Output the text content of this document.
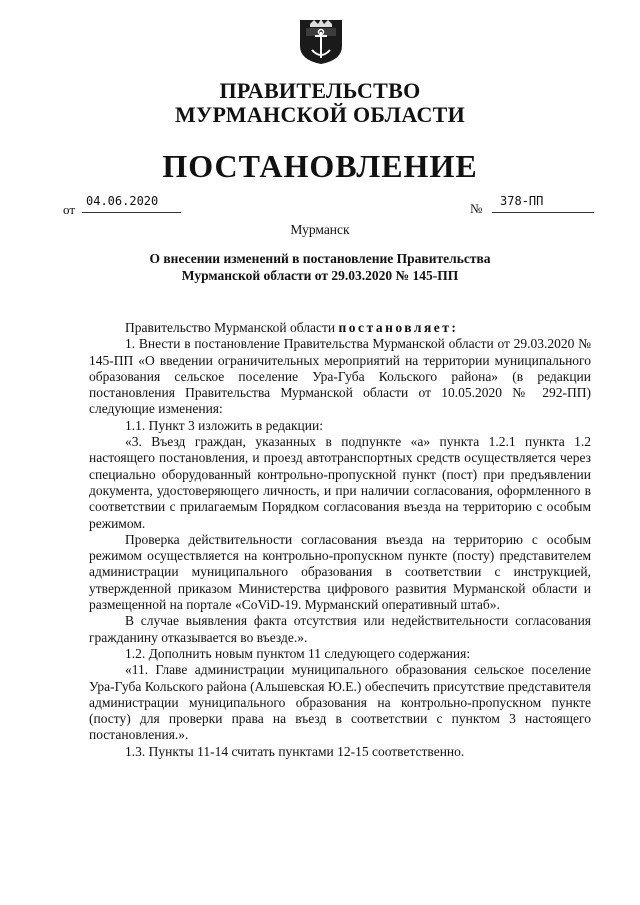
ПРАВИТЕЛЬСТВО
МУРМАНСКОЙ ОБЛАСТИ
ПОСТАНОВЛЕНИЕ
от
04.06.2020	№	378-ПП
Мурманск
О внесении изменений в постановление Правительства
Мурманской области от 29.03.2020 № 145-ПП

Правительство Мурманской области постановляет:

1. Внести в постановление Правительства Мурманской области от 29.03.2020 № 145-ПП «О введении ограничительных мероприятий на территории муниципального образования сельское поселение Ура-Губа Кольского района» (в редакции постановления Правительства Мурманской области от 10.05.2020 № 292-ПП) следующие изменения:

1.1. Пункт 3 изложить в редакции:

«3. Въезд граждан, указанных в подпункте «а» пункта 1.2.1 пункта 1.2 настоящего постановления, и проезд автотранспортных средств осуществляется через специально оборудованный контрольно-пропускной пункт (пост) при предъявлении документа, удостоверяющего личность, и при наличии согласования, оформленного в соответствии с прилагаемым Порядком согласования въезда на территорию с особым режимом.

Проверка действительности согласования въезда на территорию с особым режимом осуществляется на контрольно-пропускном пункте (посту) представителем администрации муниципального образования в соответствии с инструкцией, утвержденной приказом Министерства цифрового развития Мурманской области и размещенной на портале «CoViD-19. Мурманский оперативный штаб».

В случае выявления факта отсутствия или недействительности согласования гражданину отказывается во въезде.».

1.2. Дополнить новым пунктом 11 следующего содержания:

«11. Главе администрации муниципального образования сельское поселение Ура-Губа Кольского района (Альшевская Ю.Е.) обеспечить присутствие представителя администрации муниципального образования на контрольно-пропускном пункте (посту) для проверки права на въезд в соответствии с пунктом 3 настоящего постановления.».

1.3. Пункты 11-14 считать пунктами 12-15 соответственно.
